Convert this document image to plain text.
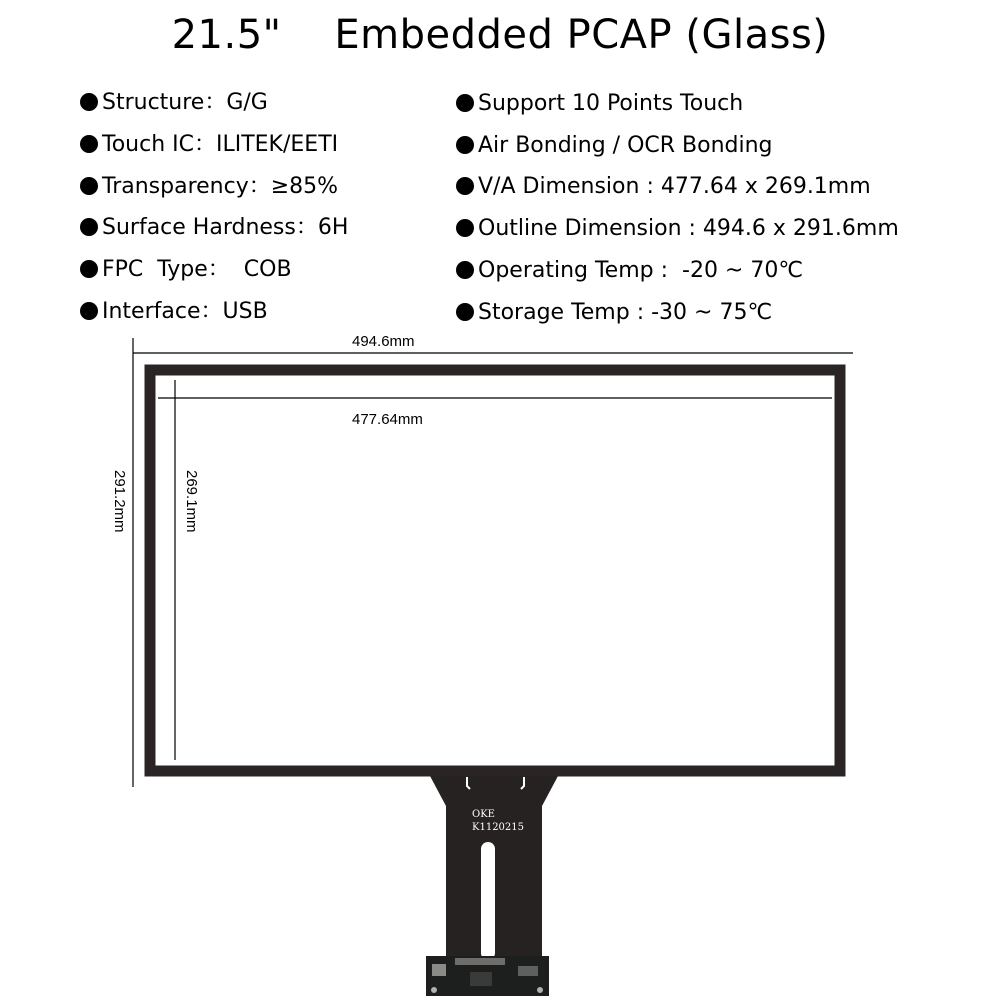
21.5"    Embedded PCAP (Glass)
Structure：G/G
Touch IC：ILITEK/EETI
Transparency：≥85%
Surface Hardness：6H
FPC  Type：  COB
Interface：USB
Support 10 Points Touch
Air Bonding / OCR Bonding
V/A Dimension : 477.64 x 269.1mm
Outline Dimension : 494.6 x 291.6mm
Operating Temp :  -20 ~ 70℃
Storage Temp : -30 ~ 75℃
494.6mm
477.64mm
291.2mm	269.1mm
OKE
K1120215
